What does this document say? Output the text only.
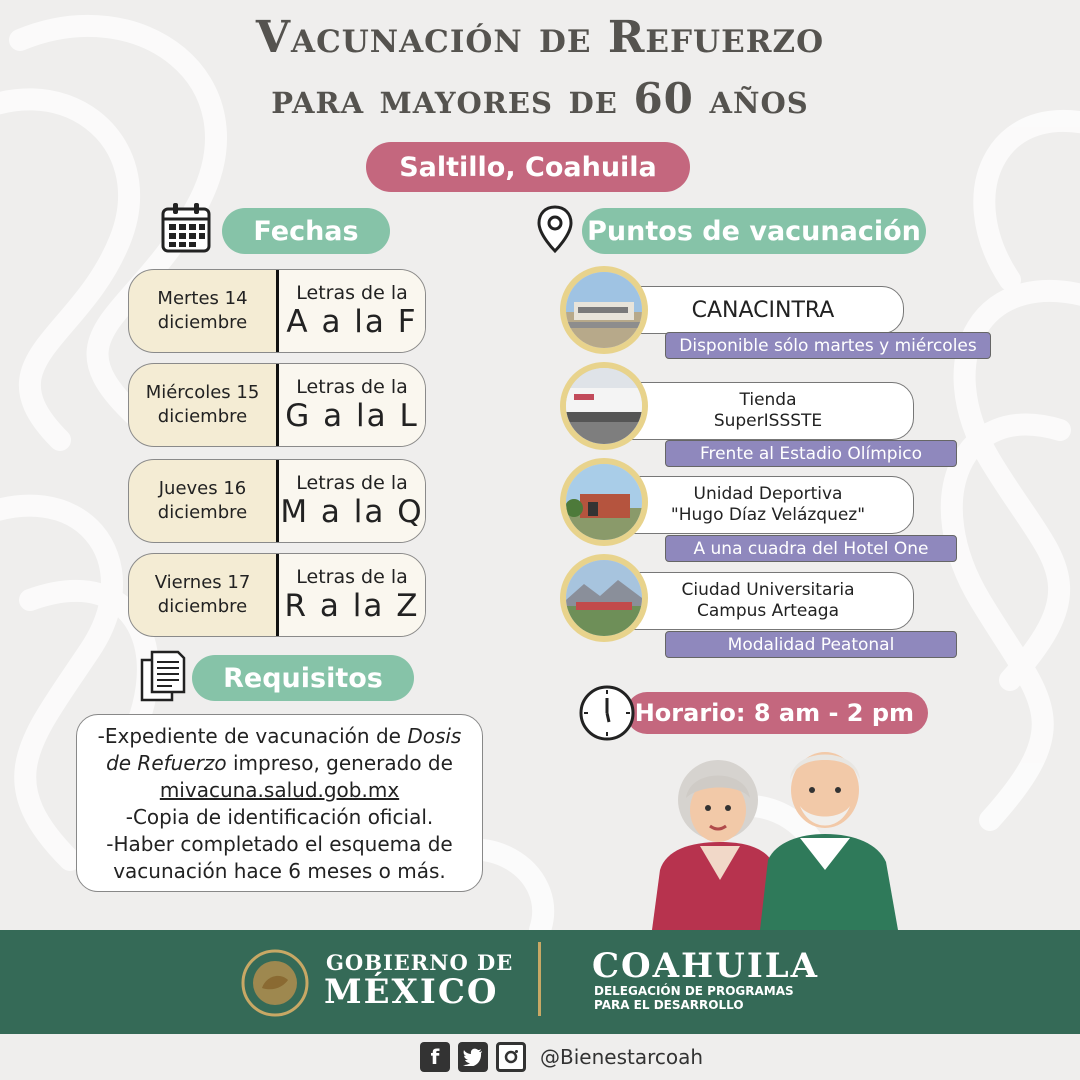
Vacunación de Refuerzo
para mayores de 60 años
Saltillo, Coahuila
Fechas
Mertes 14
diciembre
Letras de la
A a la F
Miércoles 15
diciembre
Letras de la
G a la L
Jueves 16
diciembre
Letras de la
M a la Q
Viernes 17
diciembre
Letras de la
R a la Z
Puntos de vacunación
CANACINTRA
Disponible sólo martes y miércoles
Tienda
SuperISSSTE
Frente al Estadio Olímpico
Unidad Deportiva
"Hugo Díaz Velázquez"
A una cuadra del Hotel One
Ciudad Universitaria
Campus Arteaga
Modalidad Peatonal
Horario: 8 am - 2 pm
Requisitos
-Expediente de vacunación de Dosis
de Refuerzo impreso, generado de
mivacuna.salud.gob.mx
-Copia de identificación oficial.
-Haber completado el esquema de
vacunación hace 6 meses o más.
GOBIERNO DE
MÉXICO
COAHUILA
DELEGACIÓN DE PROGRAMAS
PARA EL DESARROLLO
f	@Bienestarcoah
